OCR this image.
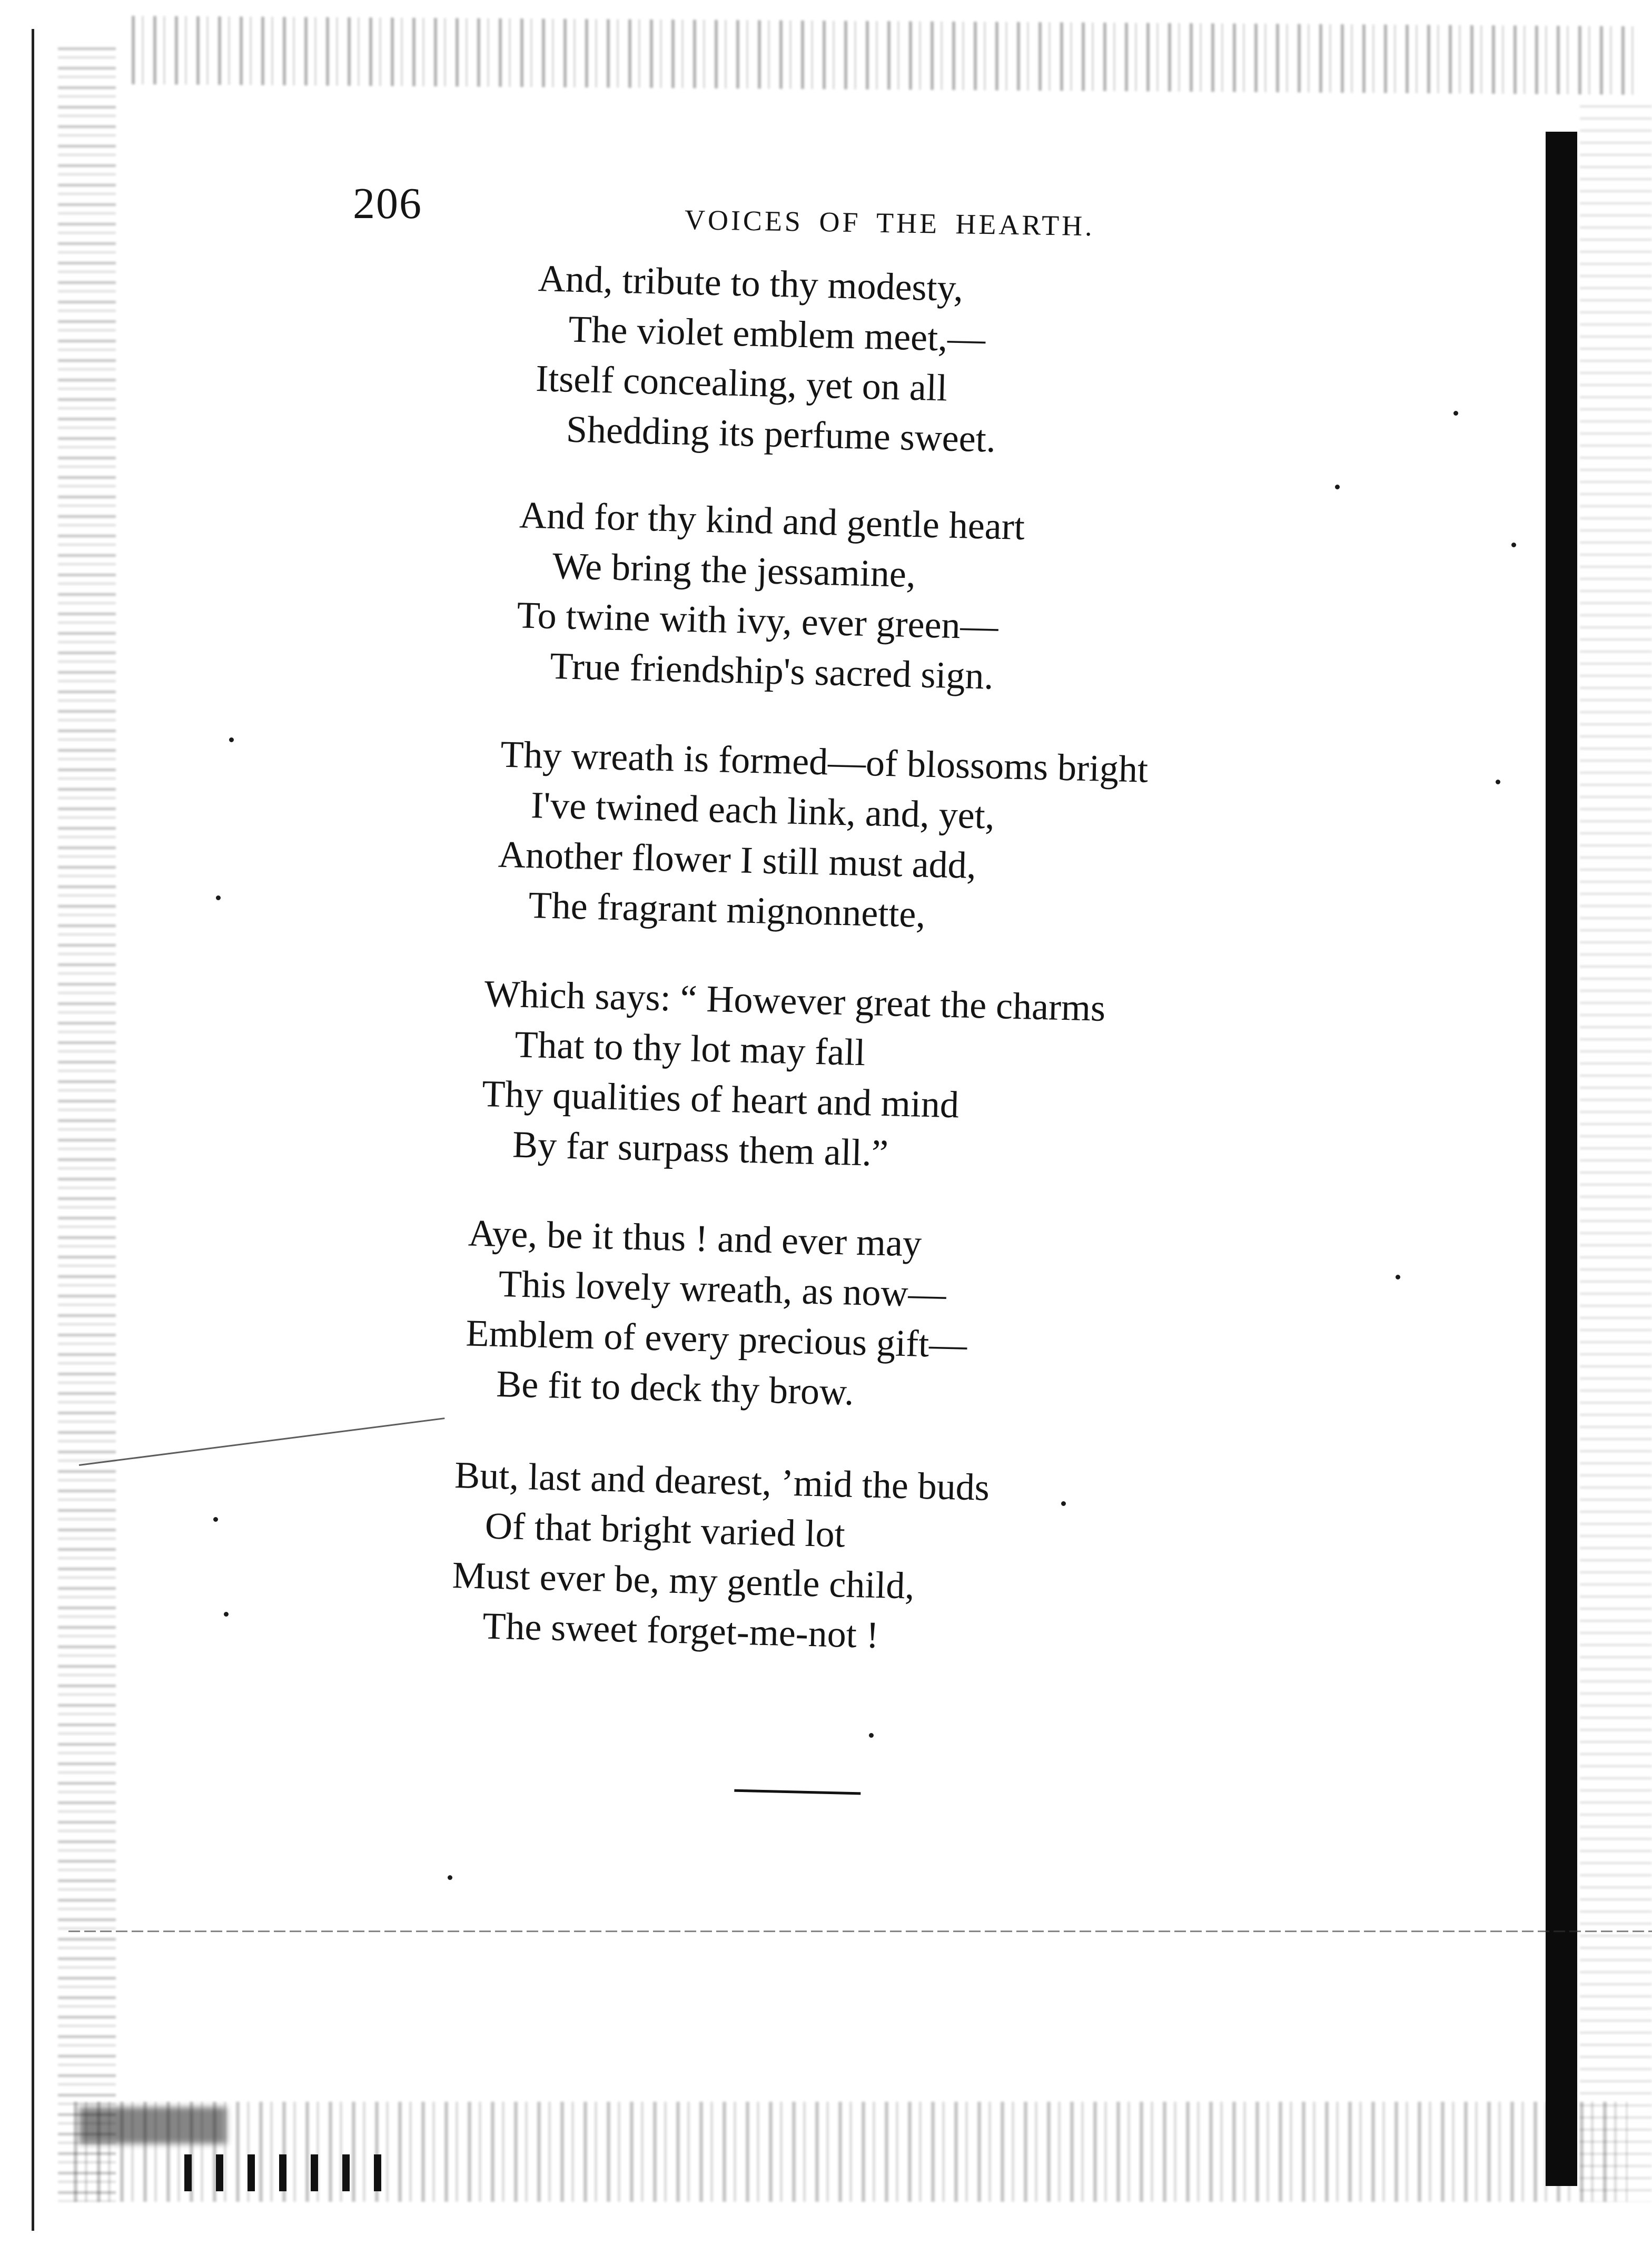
206	VOICES OF THE HEARTH.

And, tribute to thy modesty,

The violet emblem meet,—

Itself concealing, yet on all

Shedding its perfume sweet.

And for thy kind and gentle heart

We bring the jessamine,

To twine with ivy, ever green—

True friendship's sacred sign.

Thy wreath is formed—of blossoms bright

I've twined each link, and, yet,

Another flower I still must add,

The fragrant mignonnette,

Which says: “ However great the charms

That to thy lot may fall

Thy qualities of heart and mind

By far surpass them all.”

Aye, be it thus ! and ever may

This lovely wreath, as now—

Emblem of every precious gift—

Be fit to deck thy brow.

But, last and dearest, ’mid the buds

Of that bright varied lot

Must ever be, my gentle child,

The sweet forget-me-not !
